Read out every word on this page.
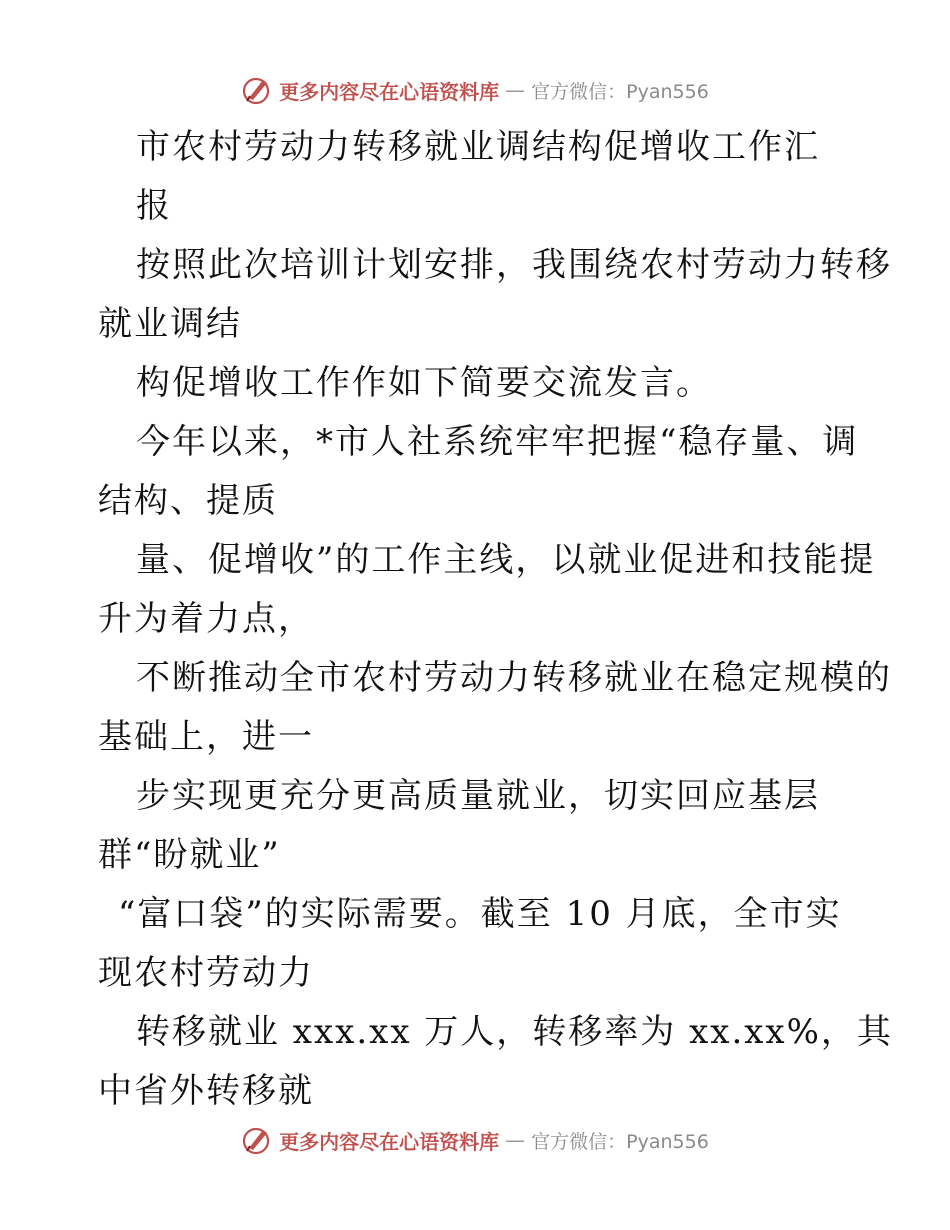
更多内容尽在心语资料库 — 官方微信：Pyan556
市农村劳动力转移就业调结构促增收工作汇
报
按照此次培训计划安排，我围绕农村劳动力转移
就业调结
构促增收工作作如下简要交流发言。
今年以来，*市人社系统牢牢把握“稳存量、调
结构、提质
量、促增收”的工作主线，以就业促进和技能提
升为着力点，
不断推动全市农村劳动力转移就业在稳定规模的
基础上，进一
步实现更充分更高质量就业，切实回应基层
群“盼就业”
“富口袋”的实际需要。截至 10 月底，全市实
现农村劳动力
转移就业 xxx.xx 万人，转移率为 xx.xx%，其
中省外转移就
更多内容尽在心语资料库 — 官方微信：Pyan556
